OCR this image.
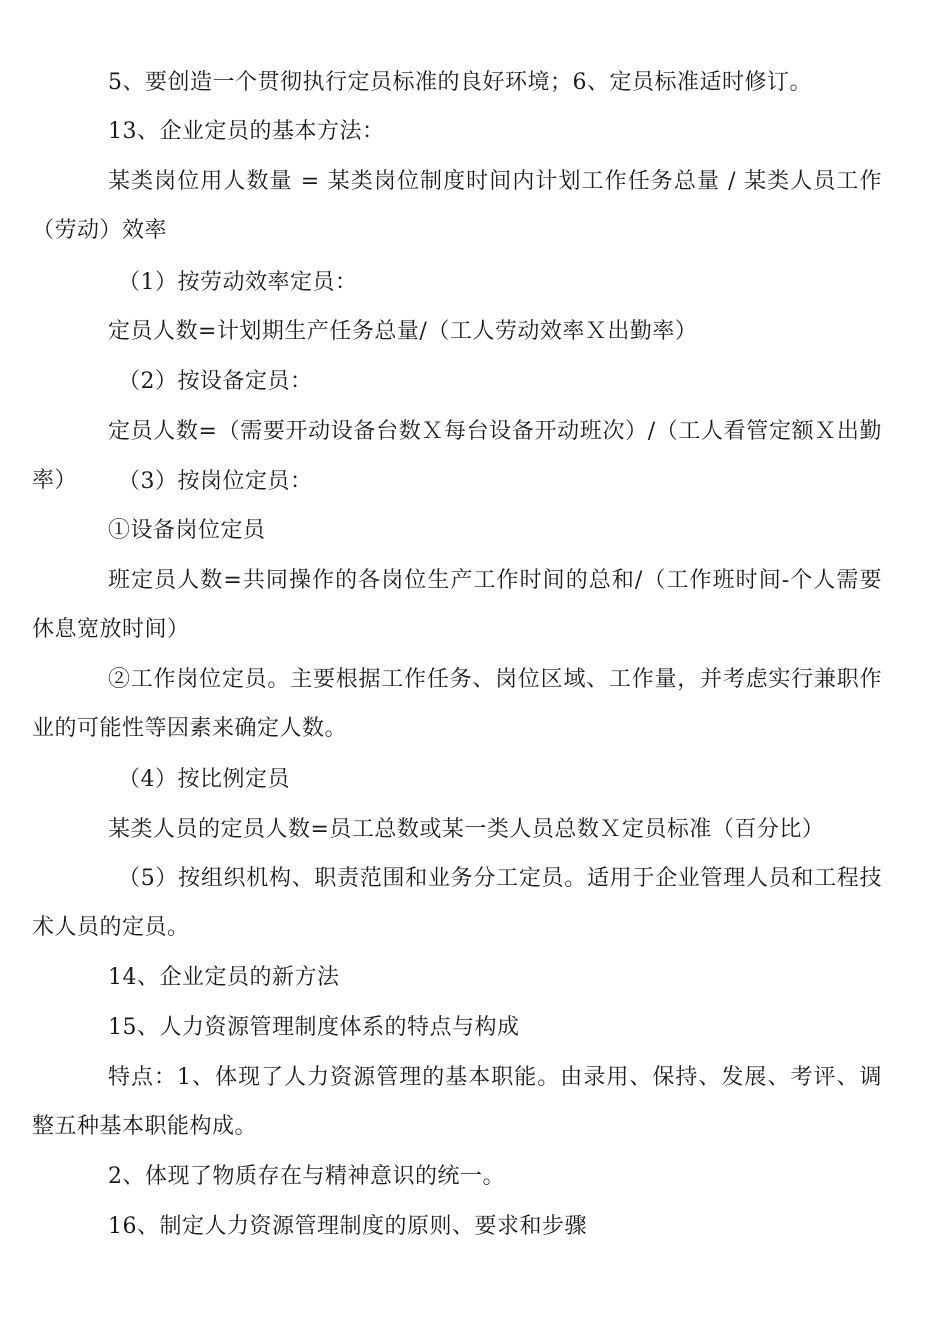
5、要创造一个贯彻执行定员标准的良好环境；6、定员标准适时修订。

13、企业定员的基本方法：

某类岗位用人数量 = 某类岗位制度时间内计划工作任务总量 / 某类人员工作（劳动）效率

（1）按劳动效率定员：

定员人数=计划期生产任务总量/（工人劳动效率Ｘ出勤率）

（2）按设备定员：

定员人数=（需要开动设备台数Ｘ每台设备开动班次）/（工人看管定额Ｘ出勤率）	（3）按岗位定员：

①设备岗位定员

班定员人数=共同操作的各岗位生产工作时间的总和/（工作班时间-个人需要休息宽放时间）

②工作岗位定员。主要根据工作任务、岗位区域、工作量，并考虑实行兼职作业的可能性等因素来确定人数。

（4）按比例定员

某类人员的定员人数=员工总数或某一类人员总数Ｘ定员标准（百分比）

（5）按组织机构、职责范围和业务分工定员。适用于企业管理人员和工程技术人员的定员。

14、企业定员的新方法

15、人力资源管理制度体系的特点与构成

特点：1、体现了人力资源管理的基本职能。由录用、保持、发展、考评、调整五种基本职能构成。

2、体现了物质存在与精神意识的统一。

16、制定人力资源管理制度的原则、要求和步骤
